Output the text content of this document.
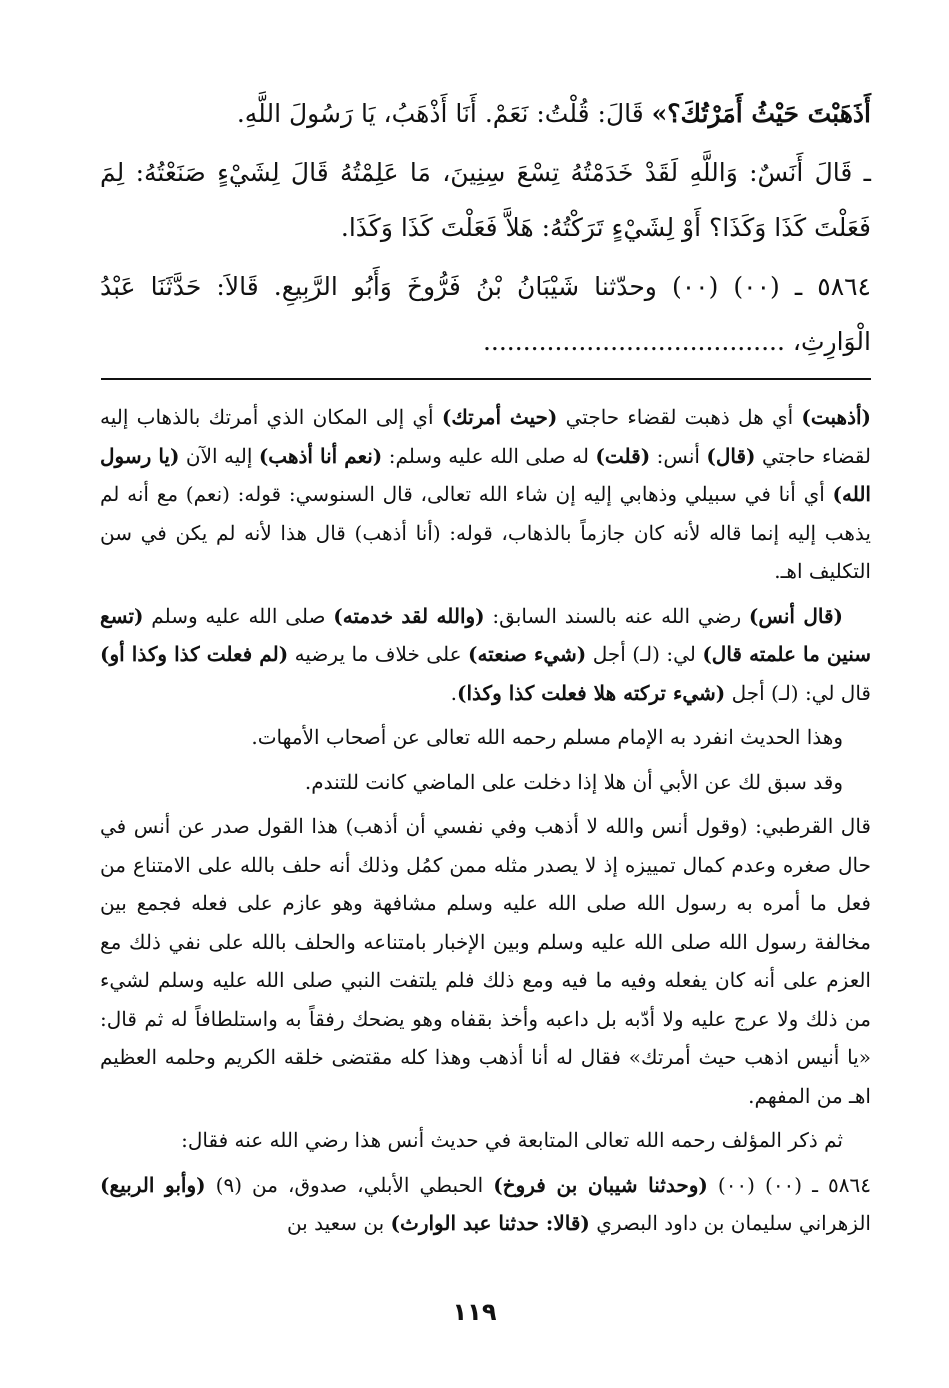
أَذَهَبْتَ حَيْثُ أَمَرْتُكَ؟» قَالَ: قُلْتُ: نَعَمْ. أَنَا أَذْهَبُ، يَا رَسُولَ اللَّهِ.

ـ قَالَ أَنَسٌ: وَاللَّهِ لَقَدْ خَدَمْتُهُ تِسْعَ سِنِينَ، مَا عَلِمْتُهُ قَالَ لِشَيْءٍ صَنَعْتُهُ: لِمَ فَعَلْتَ كَذَا وَكَذَا؟ أَوْ لِشَيْءٍ تَرَكْتُهُ: هَلاَّ فَعَلْتَ كَذَا وَكَذَا.

٥٨٦٤ ـ (٠٠) (٠٠) وحدّثنا شَيْبَانُ بْنُ فَرُّوخَ وَأَبُو الرَّبِيعِ. قَالاَ: حَدَّثَنَا عَبْدُ الْوَارِثِ، ......................................

(أذهبت) أي هل ذهبت لقضاء حاجتي (حيث أمرتك) أي إلى المكان الذي أمرتك بالذهاب إليه لقضاء حاجتي (قال) أنس: (قلت) له صلى الله عليه وسلم: (نعم أنا أذهب) إليه الآن (يا رسول الله) أي أنا في سبيلي وذهابي إليه إن شاء الله تعالى، قال السنوسي: قوله: (نعم) مع أنه لم يذهب إليه إنما قاله لأنه كان جازماً بالذهاب، قوله: (أنا أذهب) قال هذا لأنه لم يكن في سن التكليف اهـ.

(قال أنس) رضي الله عنه بالسند السابق: (والله لقد خدمته) صلى الله عليه وسلم (تسع سنين ما علمته قال) لي: (لـ) أجل (شيء صنعته) على خلاف ما يرضيه (لم فعلت كذا وكذا أو) قال لي: (لـ) أجل (شيء تركته هلا فعلت كذا وكذا).

وهذا الحديث انفرد به الإمام مسلم رحمه الله تعالى عن أصحاب الأمهات.

وقد سبق لك عن الأبي أن هلا إذا دخلت على الماضي كانت للتندم.

قال القرطبي: (وقول أنس والله لا أذهب وفي نفسي أن أذهب) هذا القول صدر عن أنس في حال صغره وعدم كمال تمييزه إذ لا يصدر مثله ممن كمُل وذلك أنه حلف بالله على الامتناع من فعل ما أمره به رسول الله صلى الله عليه وسلم مشافهة وهو عازم على فعله فجمع بين مخالفة رسول الله صلى الله عليه وسلم وبين الإخبار بامتناعه والحلف بالله على نفي ذلك مع العزم على أنه كان يفعله وفيه ما فيه ومع ذلك فلم يلتفت النبي صلى الله عليه وسلم لشيء من ذلك ولا عرج عليه ولا أدّبه بل داعبه وأخذ بقفاه وهو يضحك رفقاً به واستلطافاً له ثم قال: «يا أنيس اذهب حيث أمرتك» فقال له أنا أذهب وهذا كله مقتضى خلقه الكريم وحلمه العظيم اهـ من المفهم.

ثم ذكر المؤلف رحمه الله تعالى المتابعة في حديث أنس هذا رضي الله عنه فقال:

٥٨٦٤ ـ (٠٠) (٠٠) (وحدثنا شيبان بن فروخ) الحبطي الأبلي، صدوق، من (٩) (وأبو الربيع) الزهراني سليمان بن داود البصري (قالا: حدثنا عبد الوارث) بن سعيد بن

١١٩
